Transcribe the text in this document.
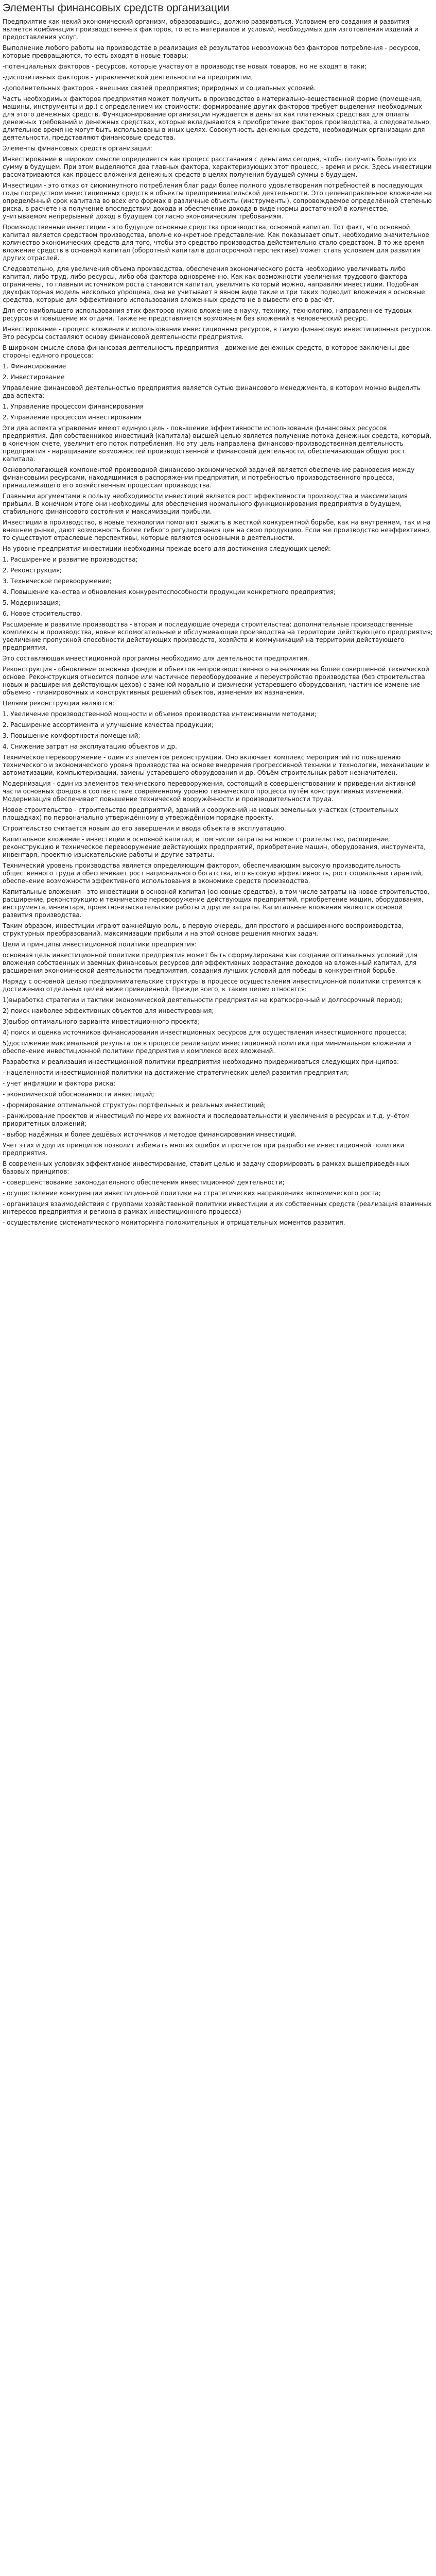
Элементы финансовых средств организации

Предприятие как некий экономический организм, образовавшись, должно развиваться. Условием его создания и развития является комбинация производственных факторов, то есть материалов и условий, необходимых для изготовления изделий и предоставления услуг.

Выполнение любого работы на производстве в реализация её результатов невозможна без факторов потребления - ресурсов, которые превращаются, то есть входят в новые товары;

-потенциальных факторов - ресурсов, которые участвуют в производстве новых товаров, но не входят в таки;

-диспозитивных факторов - управленческой деятельности на предприятии,

-дополнительных факторов - внешних связей предприятия; природных и социальных условий.

Часть необходимых факторов предприятия может получить в производство в материально-вещественной форме (помещения, машины, инструменты и др.) с определением их стоимости: формирование других факторов требует выделения необходимых для этого денежных средств. Функционирование организации нуждается в деньгах как платежных средствах для оплаты денежных требований и денежных средствах, которые вкладываются в приобретение факторов производства, а следовательно, длительное время не могут быть использованы в иных целях. Совокупность денежных средств, необходимых организации для деятельности, представляют финансовые средства.

Элементы финансовых средств организации:

Инвестирование в широком смысле определяется как процесс расставания с деньгами сегодня, чтобы получить большую их сумму в будущем. При этом выделяются два главных фактора, характеризующих этот процесс, - время и риск. Здесь инвестиции рассматриваются как процесс вложения денежных средств в целях получения будущей суммы в будущем.

Инвестиции - это отказ от сиюминутного потребления благ ради более полного удовлетворения потребностей в последующих годы посредством инвестиционных средств в объекты предпринимательской деятельности. Это целенаправленное вложение на определённый срок капитала во всех его формах в различные объекты (инструменты), сопровождаемое определённой степенью риска, в расчете на получение впоследствии дохода и обеспечение дохода в виде нормы достаточной в количестве, учитываемом непрерывный доход в будущем согласно экономическим требованиям.

Производственные инвестиции - это будущие основные средства производства, основной капитал. Тот факт, что основной капитал является средством производства, вполне конкретное представление. Как показывает опыт, необходимо значительное количество экономических средств для того, чтобы это средство производства действительно стало средством. В то же время вложение средств в основной капитал (оборотный капитал в долгосрочной перспективе) может стать условием для развития других отраслей.

Следовательно, для увеличения объема производства, обеспечения экономического роста необходимо увеличивать либо капитал, либо труд, либо ресурсы, либо оба фактора одновременно. Как как возможности увеличения трудового фактора ограничены, то главным источником роста становится капитал, увеличить который можно, направляя инвестиции. Подобная двухфакторная модель несколько упрощена, она не учитывает в явном виде такие и три таких подводит вложения в основные средства, которые для эффективного использования вложенных средств не в вывести его в расчёт.

Для его наибольшего использования этих факторов нужно вложение в науку, технику, технологию, направленное тудовых ресурсов и повышение их отдачи. Также не представляется возможным без вложений в человеческий ресурс.

Инвестирование - процесс вложения и использования инвестиционных ресурсов, в такую финансовую инвестиционных ресурсов. Это ресурсы составляют основу финансовой деятельности предприятия.

В широком смысле слова финансовая деятельность предприятия - движение денежных средств, в которое заключены две стороны единого процесса:

1. Финансирование

2. Инвестирование

Управление финансовой деятельностью предприятия является сутью финансового менеджмента, в котором можно выделить два аспекта:

1. Управление процессом финансирования

2. Управление процессом инвестирования

Эти два аспекта управления имеют единую цель - повышение эффективности использования финансовых ресурсов предприятия. Для собственников инвестиций (капитала) высшей целью является получение потока денежных средств, который, в конечном счете, увеличит его поток потребления. Но эту цель направлена финансово-производственная деятельность предприятия - наращивание возможностей производственной и финансовой деятельности, обеспечивающая общую рост капитала.

Основополагающей компонентой производной финансово-экономической задачей является обеспечение равновесия между финансовыми ресурсами, находящимися в распоряжении предприятия, и потребностью производственного процесса, принадлежащего его хозяйственным процессам производства.

Главными аргументами в пользу необходимости инвестиций является рост эффективности производства и максимизация прибыли. В конечном итоге они необходимы для обеспечения нормального функционирования предприятия в будущем, стабильного финансового состояния и максимизации прибыли.

Инвестиции в производство, в новые технологии помогают выжить в жесткой конкурентной борьбе, как на внутреннем, так и на внешнем рынке, дают возможность более гибкого регулирования цен на свою продукцию. Если же производство неэффективно, то существуют отраслевые перспективы, которые являются основными в деятельности.

На уровне предприятия инвестиции необходимы прежде всего для достижения следующих целей:

1. Расширение и развитие производства;

2. Реконструкция;

3. Техническое перевооружение;

4. Повышение качества и обновления конкурентоспособности продукции конкретного предприятия;

5. Модернизация;

6. Новое строительство.

Расширение и развитие производства - вторая и последующие очереди строительства; дополнительные производственные комплексы и производства, новые вспомогательные и обслуживающие производства на территории действующего предприятия; увеличение пропускной способности действующих производств, хозяйств и коммуникаций на территории действующего предприятия.

Это составляющая инвестиционной программы необходимо для деятельности предприятия.

Реконструкция - обновление основных фондов и объектов непроизводственного назначения на более совершенной технической основе. Реконструкция относится полное или частичное переоборудование и переустройство производства (без строительства новых и расширения действующих цехов) с заменой морально и физически устаревшего оборудования, частичное изменение объемно - планировочных и конструктивных решений объектов, изменения их назначения.

Целями реконструкции являются:

1. Увеличение производственной мощности и объемов производства интенсивными методами;

2. Расширение ассортимента и улучшение качества продукции;

3. Повышение комфортности помещений;

4. Снижение затрат на эксплуатацию объектов и др.

Техническое перевооружение - один из элементов реконструкции. Оно включает комплекс мероприятий по повышению технического и экономического уровня производства на основе внедрения прогрессивной техники и технологии, механизации и автоматизации, компьютеризации, замены устаревшего оборудования и др. Объём строительных работ незначителен.

Модернизация - один из элементов технического перевооружения, состоящий в совершенствовании и приведении активной части основных фондов в соответствие современному уровню технического процесса путём конструктивных изменений. Модернизация обеспечивает повышение технической вооружённости и производительности труда.

Новое строительство - строительство предприятий, зданий и сооружений на новых земельных участках (строительных площадках) по первоначально утверждённому в утверждённом порядке проекту.

Строительство считается новым до его завершения и ввода объекта в эксплуатацию.

Капитальное вложение - инвестиции в основной капитал, в том числе затраты на новое строительство, расширение, реконструкцию и техническое перевооружение действующих предприятий, приобретение машин, оборудования, инструмента, инвентаря, проектно-изыскательские работы и другие затраты.

Технический уровень производства является определяющим фактором, обеспечивающим высокую производительность общественного труда и обеспечивает рост национального богатства, его высокую эффективность, рост социальных гарантий, обеспечение возможности эффективного использования в экономике средств производства.

Капитальные вложения - это инвестиции в основной капитал (основные средства), в том числе затраты на новое строительство, расширение, реконструкцию и техническое перевооружение действующих предприятий, приобретение машин, оборудования, инструмента, инвентаря, проектно-изыскательские работы и другие затраты. Капитальные вложения являются основой развития производства.

Таким образом, инвестиции играют важнейшую роль, в первую очередь, для простого и расширенного воспроизводства, структурных преобразований, максимизации прибыли и на этой основе решения многих задач.

Цели и принципы инвестиционной политики предприятия:

основная цель инвестиционной политики предприятия может быть сформулирована как создание оптимальных условий для вложения собственных и заемных финансовых ресурсов для эффективных возрастание доходов на вложенный капитал, для расширения экономической деятельности предприятия, создания лучших условий для победы в конкурентной борьбе.

Наряду с основной целью предпринимательские структуры в процессе осуществления инвестиционной политики стремятся к достижению отдельных целей ниже приведённой. Прежде всего, к таким целям относятся:

1)выработка стратегии и тактики экономической деятельности предприятия на краткосрочный и долгосрочный период;

2) поиск наиболее эффективных объектов для инвестирования;

3)выбор оптимального варианта инвестиционного проекта;

4) поиск и оценка источников финансирования инвестиционных ресурсов для осуществления инвестиционного процесса;

5)достижение максимальной результатов в процессе реализации инвестиционной политики при минимальном вложении и обеспечение инвестиционной политики предприятия и комплексе всех вложений.

Разработка и реализация инвестиционной политики предприятия необходимо придерживаться следующих принципов:

- нацеленности инвестиционной политики на достижение стратегических целей развития предприятия;

- учет инфляции и фактора риска;

- экономической обоснованности инвестиций;

- формирование оптимальной структуры портфельных и реальных инвестиций;

- ранжирование проектов и инвестиций по мере их важности и последовательности и увеличения в ресурсах и т.д. учётом приоритетных вложений;

- выбор надёжных и более дешёвых источников и методов финансирования инвестиций.

Учет этих и других принципов позволит избежать многих ошибок и просчетов при разработке инвестиционной политики предприятия.

В современных условиях эффективное инвестирование, ставит целью и задачу сформировать в рамках вышеприведённых базовых принципов:

- совершенствование законодательного обеспечения инвестиционной деятельности;

- осуществление конкуренции инвестиционной политики на стратегических направлениях экономического роста;

- организация взаимодействия с группами хозяйственной политики инвестиции и их собственных средств (реализация взаимных интересов предприятия и региона в рамках инвестиционного процесса)

- осуществление систематического мониторинга положительных и отрицательных моментов развития.
